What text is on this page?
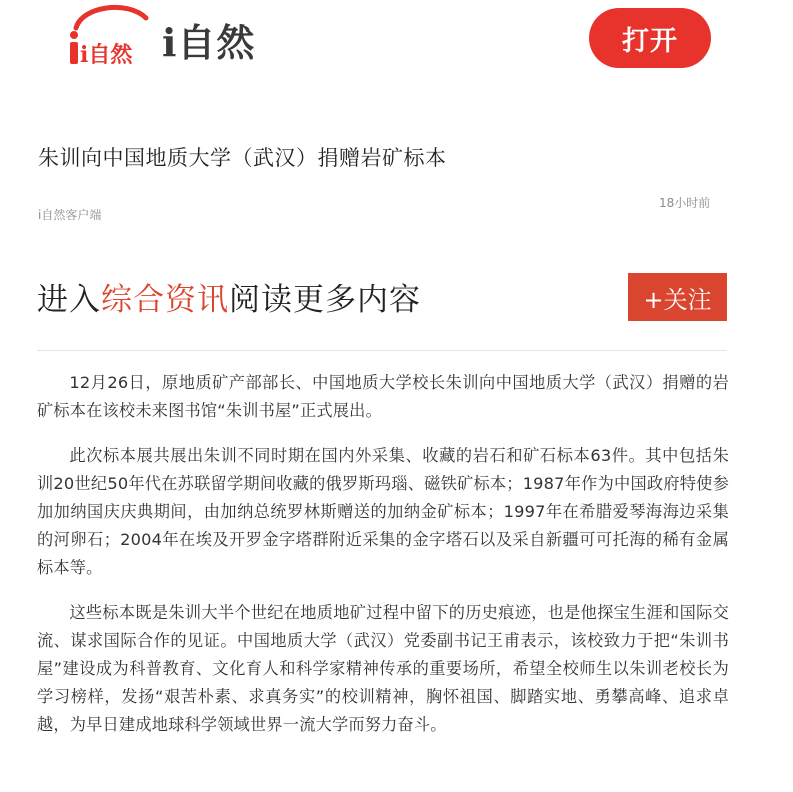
i自然 i自然	打开
朱训向中国地质大学（武汉）捐赠岩矿标本
i自然客户端
18小时前
进入综合资讯阅读更多内容	+关注

12月26日，原地质矿产部部长、中国地质大学校长朱训向中国地质大学（武汉）捐赠的岩矿标本在该校未来图书馆“朱训书屋”正式展出。

此次标本展共展出朱训不同时期在国内外采集、收藏的岩石和矿石标本63件。其中包括朱训20世纪50年代在苏联留学期间收藏的俄罗斯玛瑙、磁铁矿标本；1987年作为中国政府特使参加加纳国庆庆典期间，由加纳总统罗林斯赠送的加纳金矿标本；1997年在希腊爱琴海海边采集的河卵石；2004年在埃及开罗金字塔群附近采集的金字塔石以及采自新疆可可托海的稀有金属标本等。

这些标本既是朱训大半个世纪在地质地矿过程中留下的历史痕迹，也是他探宝生涯和国际交流、谋求国际合作的见证。中国地质大学（武汉）党委副书记王甫表示，该校致力于把“朱训书屋”建设成为科普教育、文化育人和科学家精神传承的重要场所，希望全校师生以朱训老校长为学习榜样，发扬“艰苦朴素、求真务实”的校训精神，胸怀祖国、脚踏实地、勇攀高峰、追求卓越，为早日建成地球科学领域世界一流大学而努力奋斗。
